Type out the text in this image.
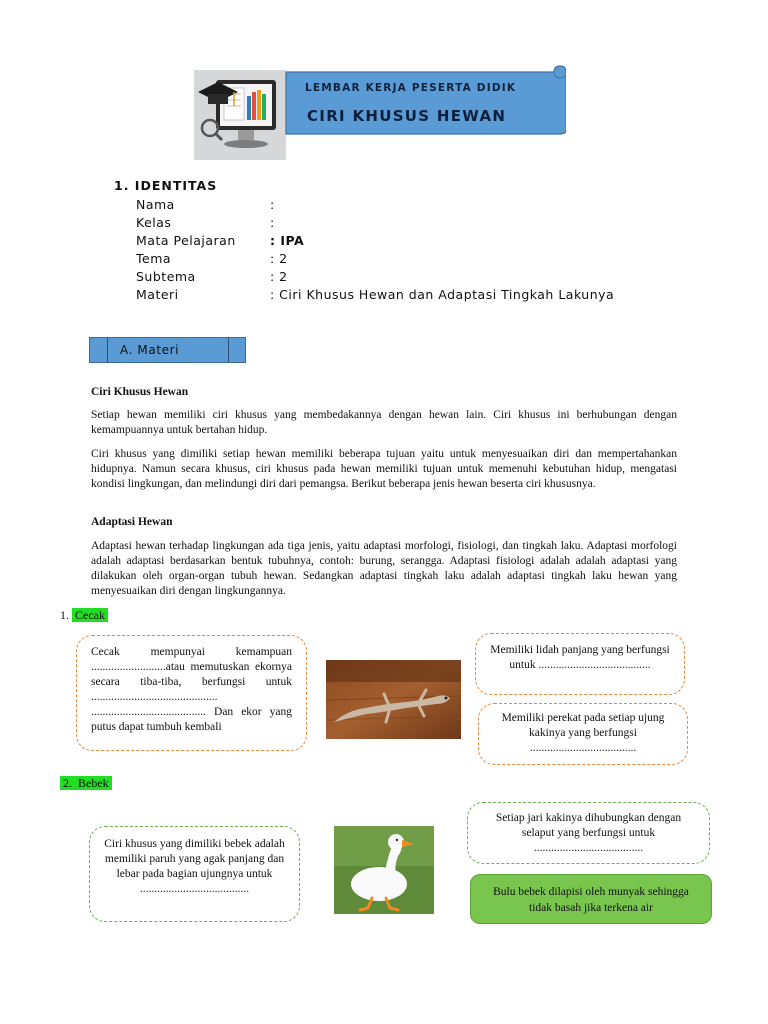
LEMBAR KERJA PESERTA DIDIK
CIRI KHUSUS HEWAN
1. IDENTITAS
Nama	:
Kelas	:
Mata Pelajaran	: IPA
Tema	: 2
Subtema	: 2
Materi	: Ciri Khusus Hewan dan Adaptasi Tingkah Lakunya
A. Materi
Ciri Khusus Hewan
Setiap hewan memiliki ciri khusus yang membedakannya dengan hewan lain. Ciri khusus ini berhubungan dengan kemampuannya untuk bertahan hidup.
Ciri khusus yang dimiliki setiap hewan memiliki beberapa tujuan yaitu untuk menyesuaikan diri dan mempertahankan hidupnya. Namun secara khusus, ciri khusus pada hewan memiliki tujuan untuk memenuhi kebutuhan hidup, mengatasi kondisi lingkungan, dan melindungi diri dari pemangsa. Berikut beberapa jenis hewan beserta ciri khususnya.
Adaptasi Hewan
Adaptasi hewan terhadap lingkungan ada tiga jenis, yaitu adaptasi morfologi, fisiologi, dan tingkah laku. Adaptasi morfologi adalah adaptasi berdasarkan bentuk tubuhnya, contoh: burung, serangga. Adaptasi fisiologi adalah adalah adaptasi yang dilakukan oleh organ-organ tubuh hewan. Sedangkan adaptasi tingkah laku adalah adaptasi tingkah laku hewan yang menyesuaikan diri dengan lingkungannya.
1. Cecak
Cecak mempunyai kemampuan ..........................atau memutuskan ekornya secara tiba-tiba, berfungsi untuk ............................................ ........................................ Dan ekor yang putus dapat tumbuh kembali
Memiliki lidah panjang yang berfungsi untuk .......................................
Memiliki perekat pada setiap ujung kakinya yang berfungsi .....................................
2. Bebek
Ciri khusus yang dimiliki bebek adalah memiliki paruh yang agak panjang dan lebar pada bagian ujungnya untuk ......................................
Setiap jari kakinya dihubungkan dengan selaput yang berfungsi untuk ......................................
Bulu bebek dilapisi oleh munyak sehingga tidak basah jika terkena air
